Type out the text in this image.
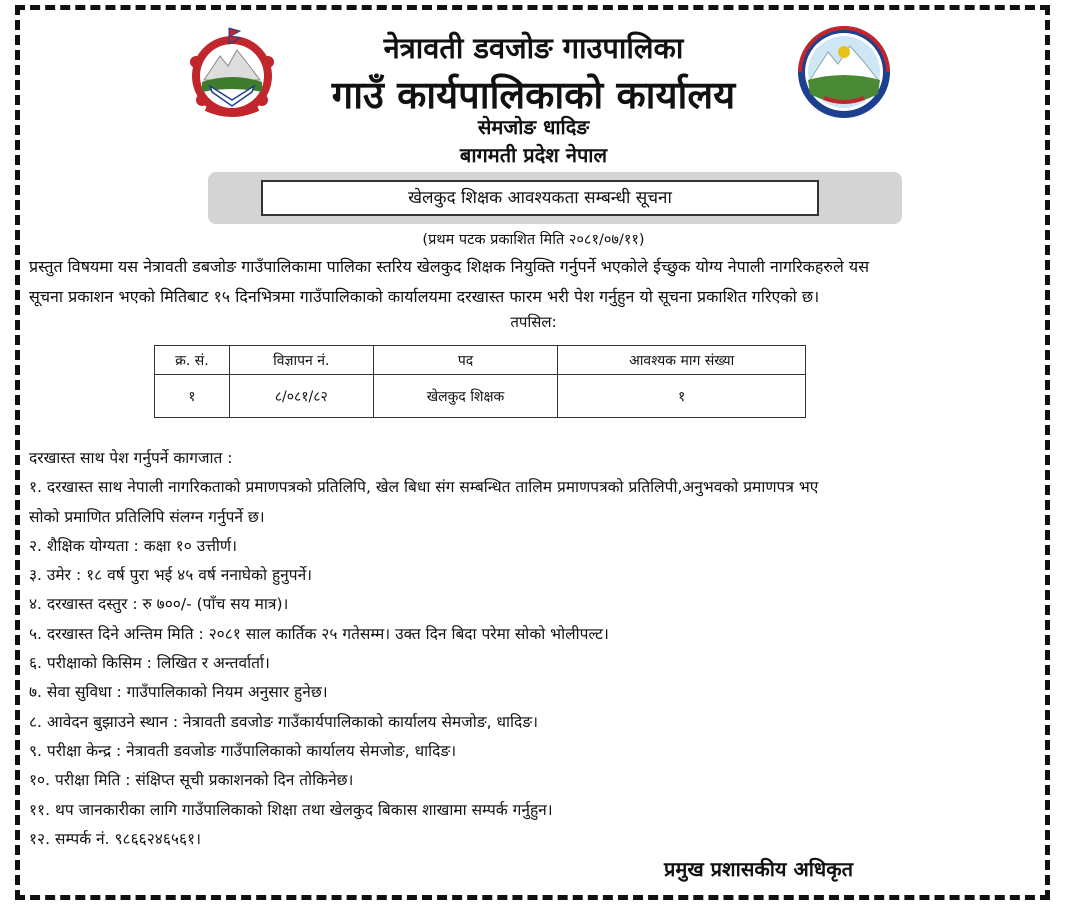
नेत्रावती डवजोङ गाउपालिका
गाउँ कार्यपालिकाको कार्यालय
सेमजोङ धादिङ
बागमती प्रदेश नेपाल
खेलकुद शिक्षक आवश्यकता सम्बन्धी सूचना
(प्रथम पटक प्रकाशित मिति २०८१/०७/११)
प्रस्तुत विषयमा यस नेत्रावती डबजोङ गाउँपालिकामा पालिका स्तरिय खेलकुद शिक्षक नियुक्ति गर्नुपर्ने भएकोले ईच्छुक योग्य नेपाली नागरिकहरुले यस
सूचना प्रकाशन भएको मितिबाट १५ दिनभित्रमा गाउँपालिकाको कार्यालयमा दरखास्त फारम भरी पेश गर्नुहुन यो सूचना प्रकाशित गरिएको छ।
तपसिल:
क्र. सं.	विज्ञापन नं.	पद	आवश्यक माग संख्या
१	८/०८१/८२	खेलकुद शिक्षक	१
दरखास्त साथ पेश गर्नुपर्ने कागजात :
१. दरखास्त साथ नेपाली नागरिकताको प्रमाणपत्रको प्रतिलिपि, खेल बिधा संग सम्बन्धित तालिम प्रमाणपत्रको प्रतिलिपी,अनुभवको प्रमाणपत्र भए
सोको प्रमाणित प्रतिलिपि संलग्न गर्नुपर्ने छ।
२. शैक्षिक योग्यता : कक्षा १० उत्तीर्ण।
३. उमेर : १८ वर्ष पुरा भई ४५ वर्ष ननाघेको हुनुपर्ने।
४. दरखास्त दस्तुर : रु ७००/- (पाँच सय मात्र)।
५. दरखास्त दिने अन्तिम मिति : २०८१ साल कार्तिक २५ गतेसम्म। उक्त दिन बिदा परेमा सोको भोलीपल्ट।
६. परीक्षाको किसिम : लिखित र अन्तर्वार्ता।
७. सेवा सुविधा : गाउँपालिकाको नियम अनुसार हुनेछ।
८. आवेदन बुझाउने स्थान : नेत्रावती डवजोङ गाउँकार्यपालिकाको कार्यालय सेमजोङ, धादिङ।
९. परीक्षा केन्द्र : नेत्रावती डवजोङ गाउँपालिकाको कार्यालय सेमजोङ, धादिङ।
१०. परीक्षा मिति : संक्षिप्त सूची प्रकाशनको दिन तोकिनेछ।
११. थप जानकारीका लागि गाउँपालिकाको शिक्षा तथा खेलकुद बिकास शाखामा सम्पर्क गर्नुहुन।
१२. सम्पर्क नं. ९८६६२४६५६१।
प्रमुख प्रशासकीय अधिकृत
